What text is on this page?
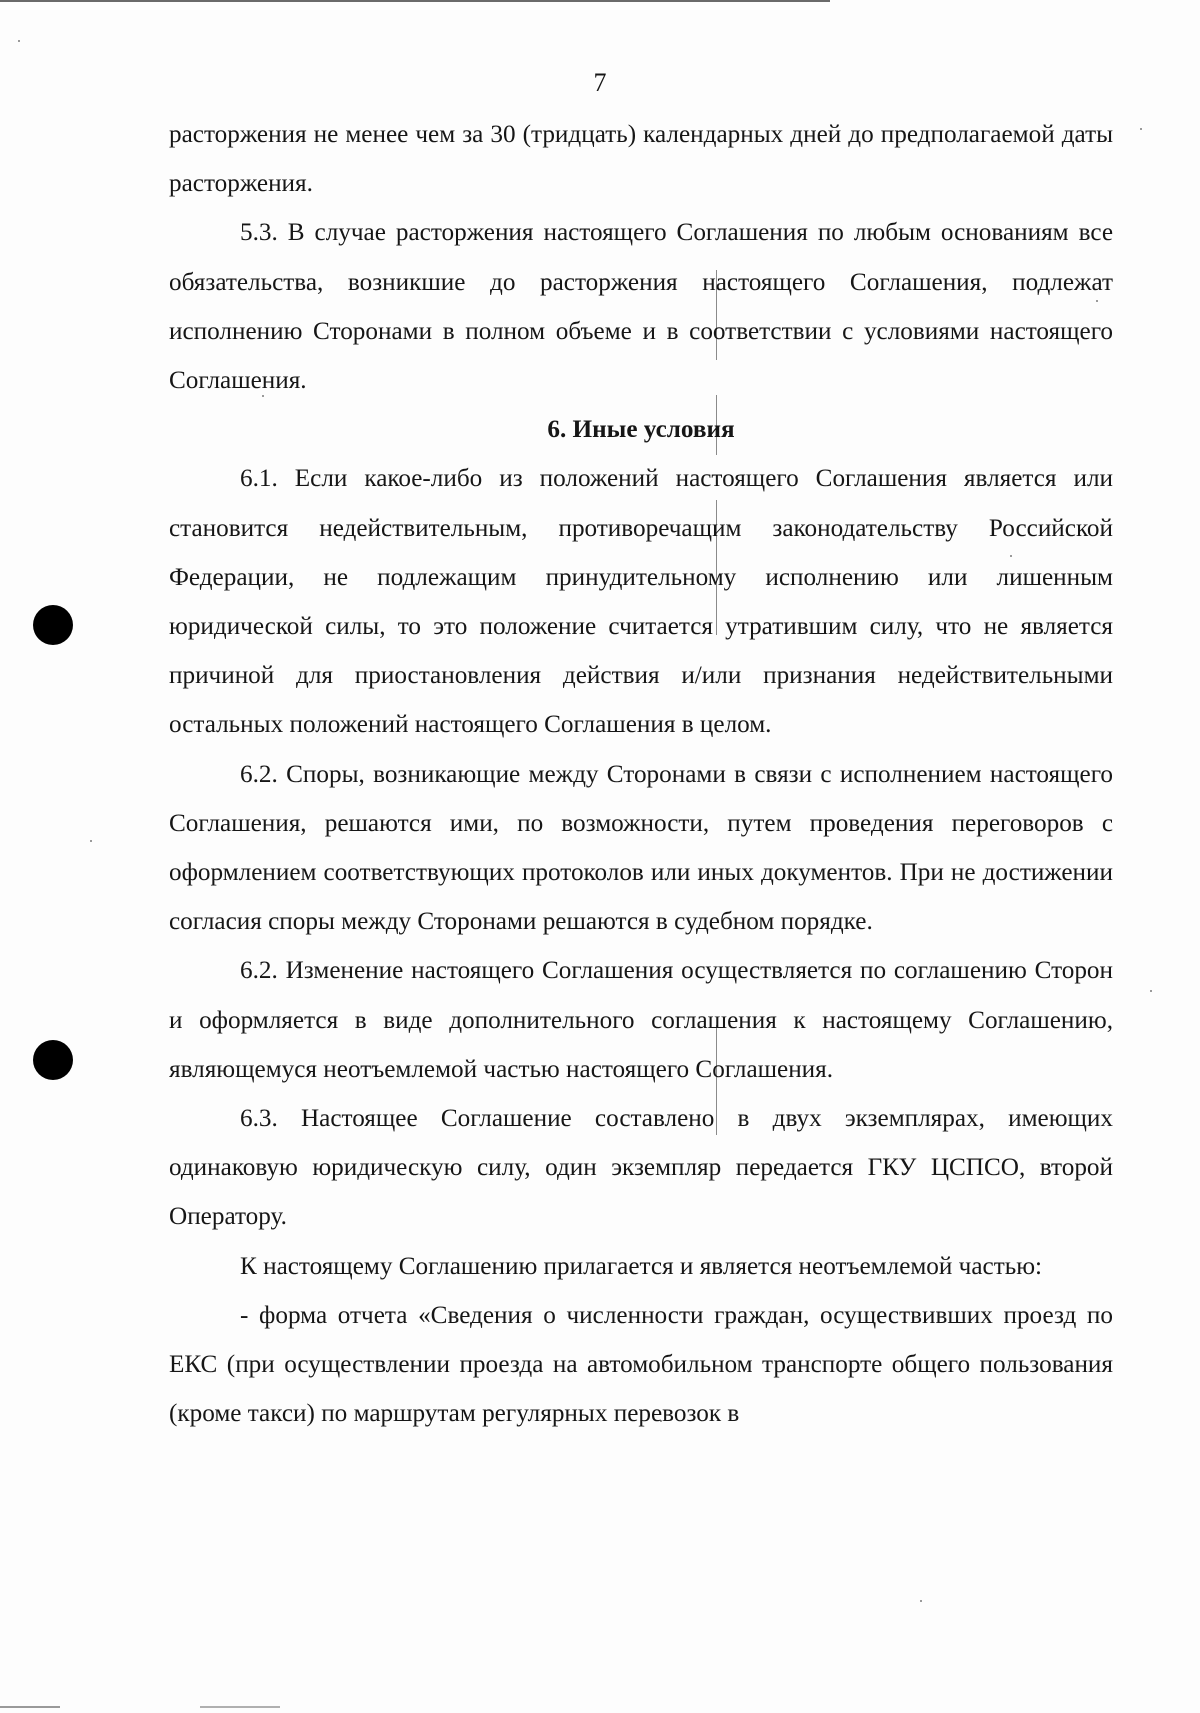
7

расторжения не менее чем за 30 (тридцать) календарных дней до предполагаемой даты расторжения.

5.3. В случае расторжения настоящего Соглашения по любым основаниям все обязательства, возникшие до расторжения настоящего Соглашения, подлежат исполнению Сторонами в полном объеме и в соответствии с условиями настоящего Соглашения.

6. Иные условия

6.1. Если какое-либо из положений настоящего Соглашения является или становится недействительным, противоречащим законодательству Российской Федерации, не подлежащим принудительному исполнению или лишенным юридической силы, то это положение считается утратившим силу, что не является причиной для приостановления действия и/или признания недействительными остальных положений настоящего Соглашения в целом.

6.2. Споры, возникающие между Сторонами в связи с исполнением настоящего Соглашения, решаются ими, по возможности, путем проведения переговоров с оформлением соответствующих протоколов или иных документов. При не достижении согласия споры между Сторонами решаются в судебном порядке.

6.2. Изменение настоящего Соглашения осуществляется по соглашению Сторон и оформляется в виде дополнительного соглашения к настоящему Соглашению, являющемуся неотъемлемой частью настоящего Соглашения.

6.3. Настоящее Соглашение составлено в двух экземплярах, имеющих одинаковую юридическую силу, один экземпляр передается ГКУ ЦСПСО, второй Оператору.

К настоящему Соглашению прилагается и является неотъемлемой частью:

- форма отчета «Сведения о численности граждан, осуществивших проезд по ЕКС (при осуществлении проезда на автомобильном транспорте общего пользования (кроме такси) по маршрутам регулярных перевозок в
